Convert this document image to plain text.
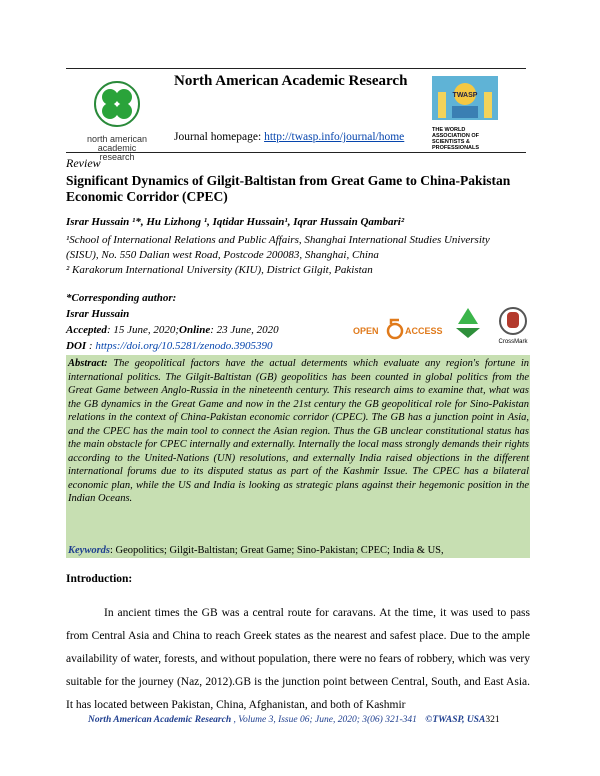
north american
academic research
North American Academic Research
Journal homepage: http://twasp.info/journal/home
TWASP
THE WORLD ASSOCIATION OF SCIENTISTS & PROFESSIONALS
Review
Significant Dynamics of Gilgit-Baltistan from Great Game to China-Pakistan Economic Corridor (CPEC)
Israr Hussain ¹*, Hu Lizhong ¹, Iqtidar Hussain¹, Iqrar Hussain Qambari²
¹School of International Relations and Public Affairs, Shanghai International Studies University
(SISU), No. 550 Dalian west Road, Postcode 200083, Shanghai, China
² Karakorum International University (KIU), District Gilgit, Pakistan
*Corresponding author:
Israr Hussain
Accepted: 15 June, 2020;Online: 23 June, 2020
DOI : https://doi.org/10.5281/zenodo.3905390
OPEN	ACCESS
CrossMark
Abstract: The geopolitical factors have the actual determents which evaluate any region's fortune in international politics. The Gilgit-Baltistan (GB) geopolitics has been counted in global politics from the Great Game between Anglo-Russia in the nineteenth century. This research aims to examine that, what was the GB dynamics in the Great Game and now in the 21st century the GB geopolitical role for Sino-Pakistan relations in the context of China-Pakistan economic corridor (CPEC). The GB has a junction point in Asia, and the CPEC has the main tool to connect the Asian region. Thus the GB unclear constitutional status has the main obstacle for CPEC internally and externally. Internally the local mass strongly demands their rights according to the United-Nations (UN) resolutions, and externally India raised objections in the different international forums due to its disputed status as part of the Kashmir Issue. The CPEC has a bilateral economic plan, while the US and India is looking as strategic plans against their hegemonic position in the Indian Oceans.
Keywords: Geopolitics; Gilgit-Baltistan; Great Game; Sino-Pakistan; CPEC; India & US,
Introduction:
In ancient times the GB was a central route for caravans. At the time, it was used to pass from Central Asia and China to reach Greek states as the nearest and safest place. Due to the ample availability of water, forests, and without population, there were no fears of robbery, which was very suitable for the journey (Naz, 2012).GB is the junction point between Central, South, and East Asia. It has located between Pakistan, China, Afghanistan, and both of Kashmir
North American Academic Research , Volume 3, Issue 06; June, 2020; 3(06) 321-341 ©TWASP, USA321
